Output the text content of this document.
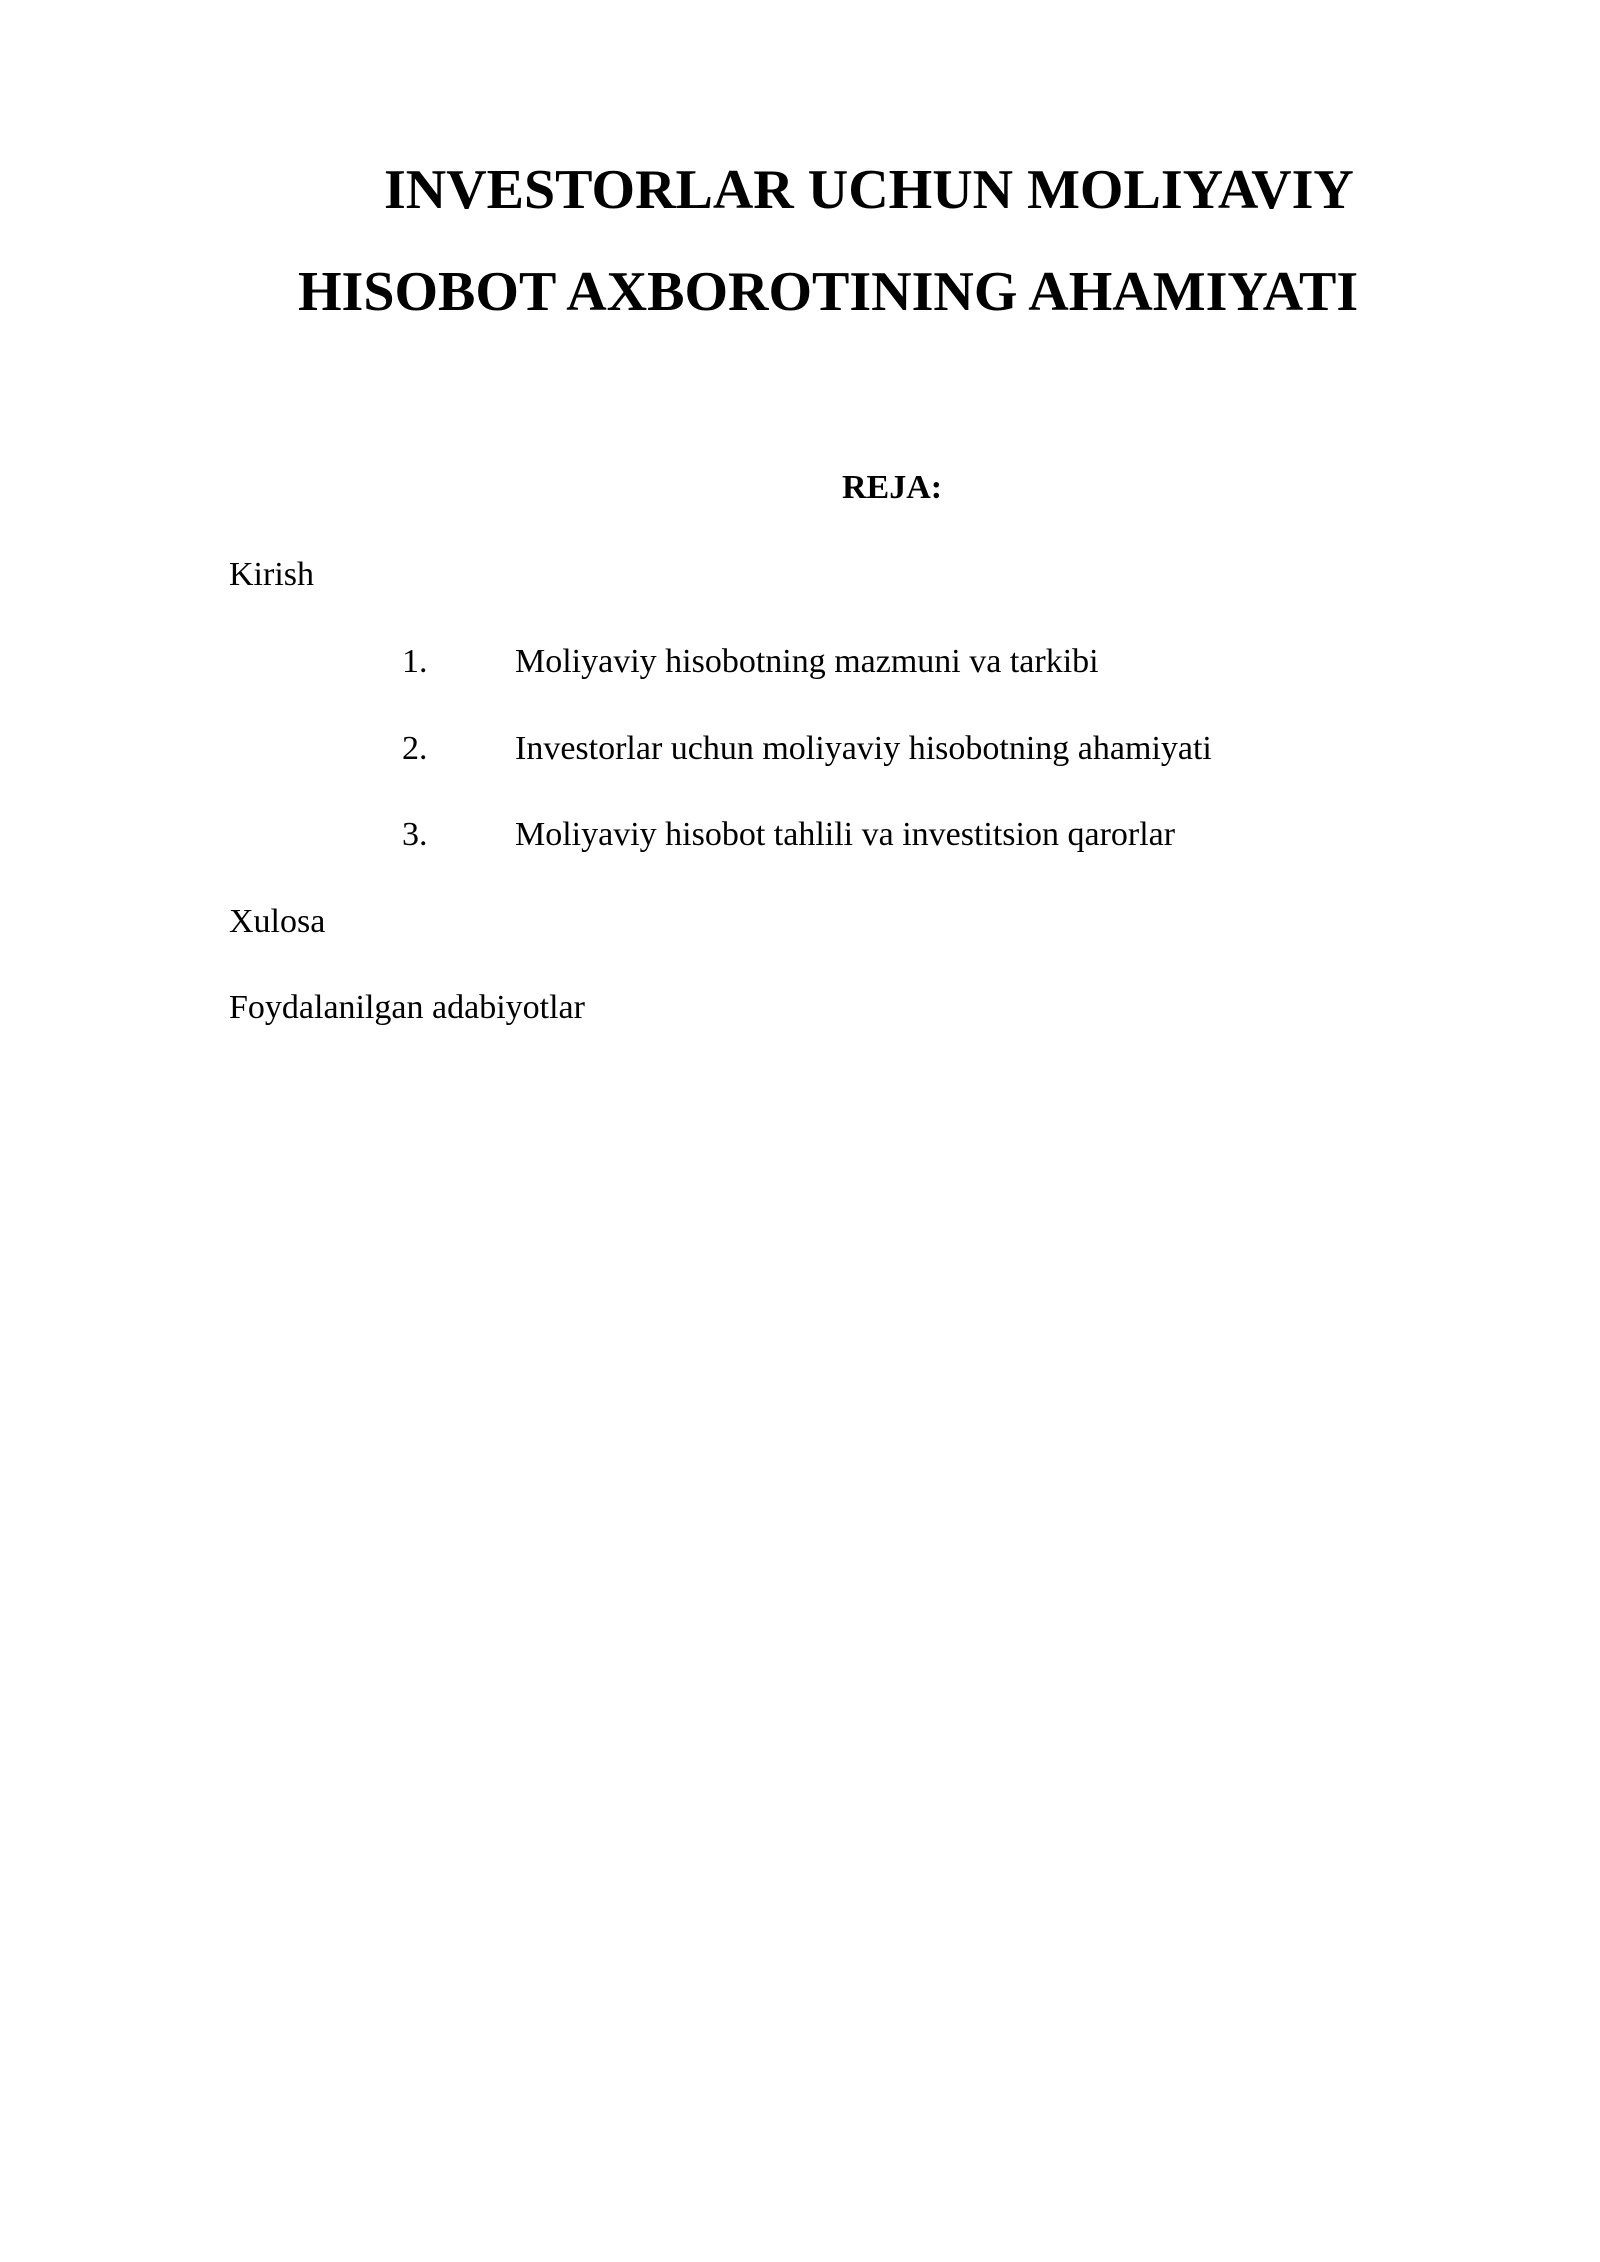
INVESTORLAR UCHUN MOLIYAVIY
HISOBOT AXBOROTINING AHAMIYATI
REJA:
Kirish
1.	Moliyaviy hisobotning mazmuni va tarkibi
2.	Investorlar uchun moliyaviy hisobotning ahamiyati
3.	Moliyaviy hisobot tahlili va investitsion qarorlar
Xulosa
Foydalanilgan adabiyotlar
